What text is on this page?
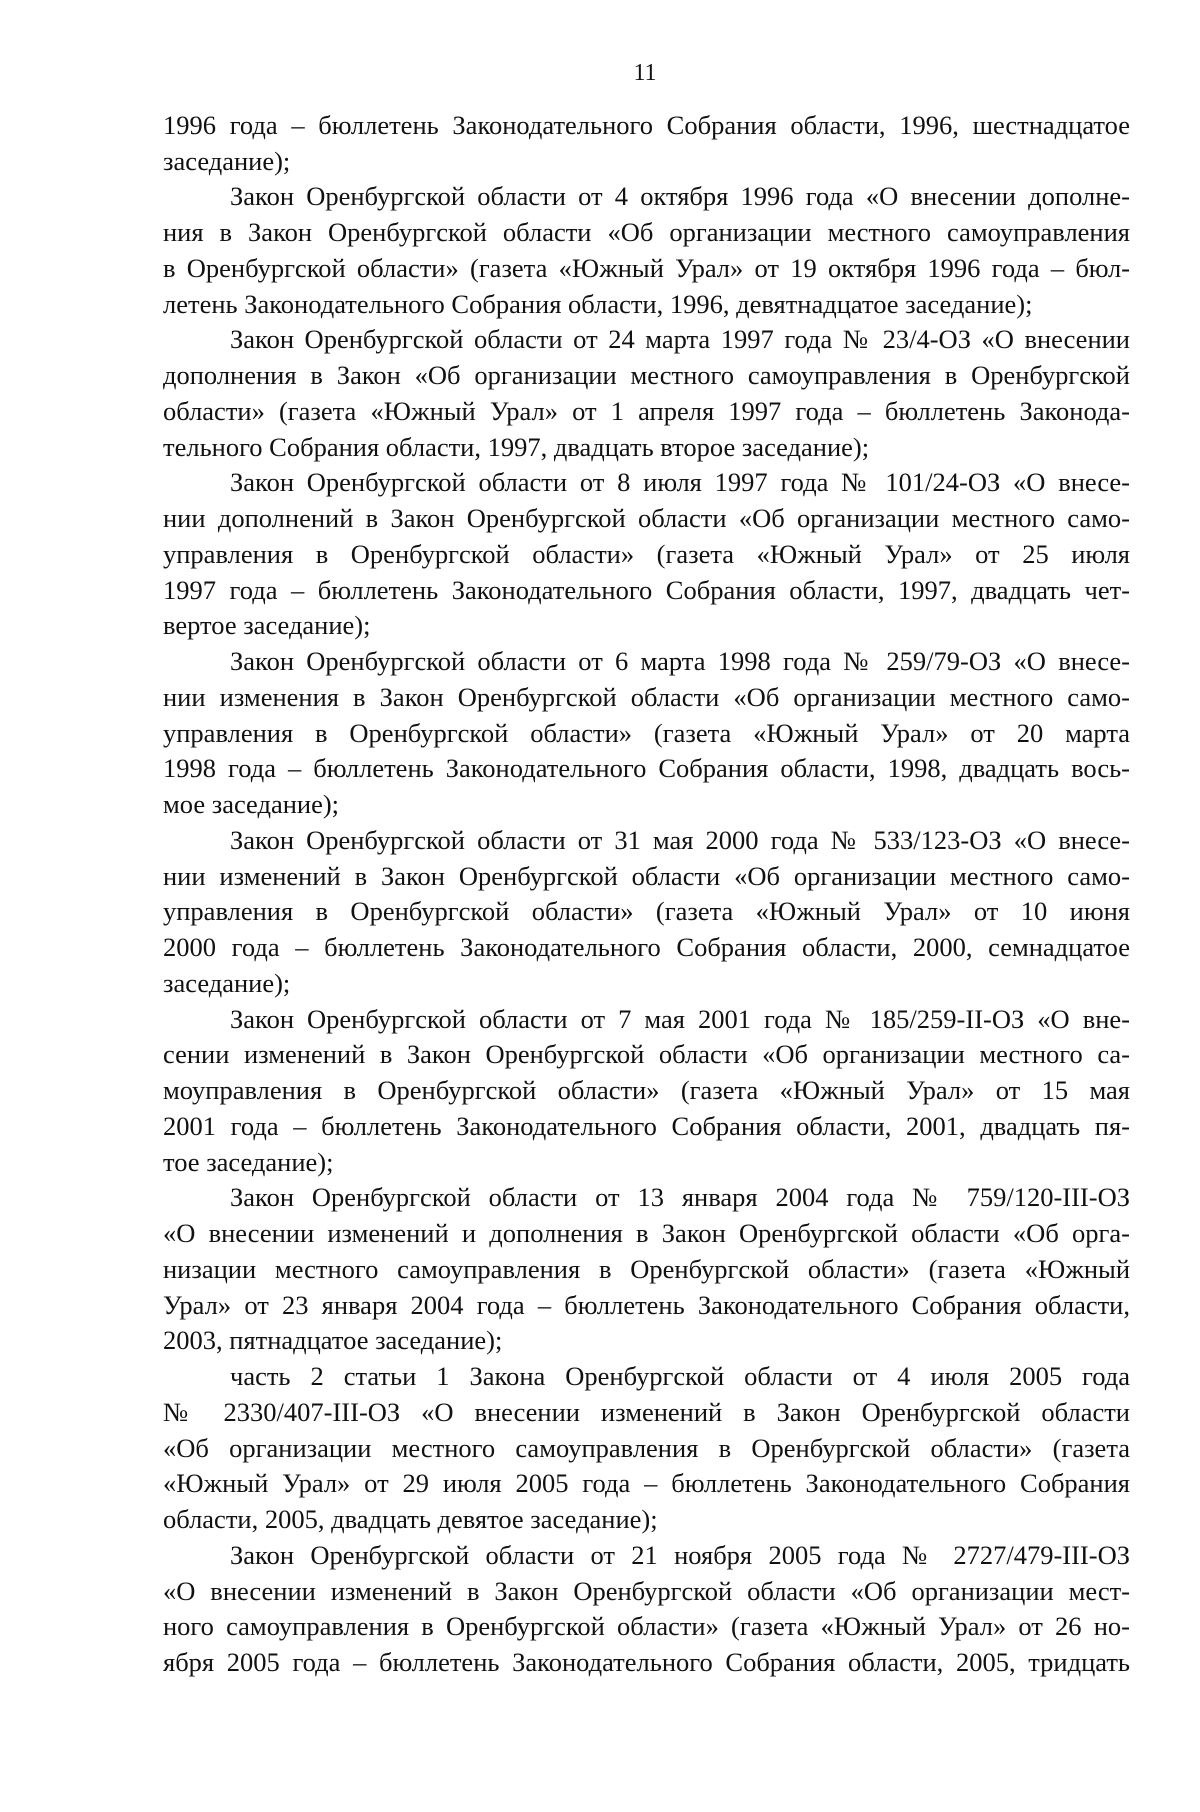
11
1996 года – бюллетень Законодательного Собрания области, 1996, шестнадцатое
заседание);
Закон Оренбургской области от 4 октября 1996 года «О внесении дополне-
ния в Закон Оренбургской области «Об организации местного самоуправления
в Оренбургской области» (газета «Южный Урал» от 19 октября 1996 года – бюл-
летень Законодательного Собрания области, 1996, девятнадцатое заседание);
Закон Оренбургской области от 24 марта 1997 года № 23/4-ОЗ «О внесении
дополнения в Закон «Об организации местного самоуправления в Оренбургской
области» (газета «Южный Урал» от 1 апреля 1997 года – бюллетень Законода-
тельного Собрания области, 1997, двадцать второе заседание);
Закон Оренбургской области от 8 июля 1997 года № 101/24-ОЗ «О внесе-
нии дополнений в Закон Оренбургской области «Об организации местного само-
управления в Оренбургской области» (газета «Южный Урал» от 25 июля
1997 года – бюллетень Законодательного Собрания области, 1997, двадцать чет-
вертое заседание);
Закон Оренбургской области от 6 марта 1998 года № 259/79-ОЗ «О внесе-
нии изменения в Закон Оренбургской области «Об организации местного само-
управления в Оренбургской области» (газета «Южный Урал» от 20 марта
1998 года – бюллетень Законодательного Собрания области, 1998, двадцать вось-
мое заседание);
Закон Оренбургской области от 31 мая 2000 года № 533/123-ОЗ «О внесе-
нии изменений в Закон Оренбургской области «Об организации местного само-
управления в Оренбургской области» (газета «Южный Урал» от 10 июня
2000 года – бюллетень Законодательного Собрания области, 2000, семнадцатое
заседание);
Закон Оренбургской области от 7 мая 2001 года № 185/259-II-ОЗ «О вне-
сении изменений в Закон Оренбургской области «Об организации местного са-
моуправления в Оренбургской области» (газета «Южный Урал» от 15 мая
2001 года – бюллетень Законодательного Собрания области, 2001, двадцать пя-
тое заседание);
Закон Оренбургской области от 13 января 2004 года № 759/120-III-ОЗ
«О внесении изменений и дополнения в Закон Оренбургской области «Об орга-
низации местного самоуправления в Оренбургской области» (газета «Южный
Урал» от 23 января 2004 года – бюллетень Законодательного Собрания области,
2003, пятнадцатое заседание);
часть 2 статьи 1 Закона Оренбургской области от 4 июля 2005 года
№ 2330/407-III-ОЗ «О внесении изменений в Закон Оренбургской области
«Об организации местного самоуправления в Оренбургской области» (газета
«Южный Урал» от 29 июля 2005 года – бюллетень Законодательного Собрания
области, 2005, двадцать девятое заседание);
Закон Оренбургской области от 21 ноября 2005 года № 2727/479-III-ОЗ
«О внесении изменений в Закон Оренбургской области «Об организации мест-
ного самоуправления в Оренбургской области» (газета «Южный Урал» от 26 но-
ября 2005 года – бюллетень Законодательного Собрания области, 2005, тридцать
